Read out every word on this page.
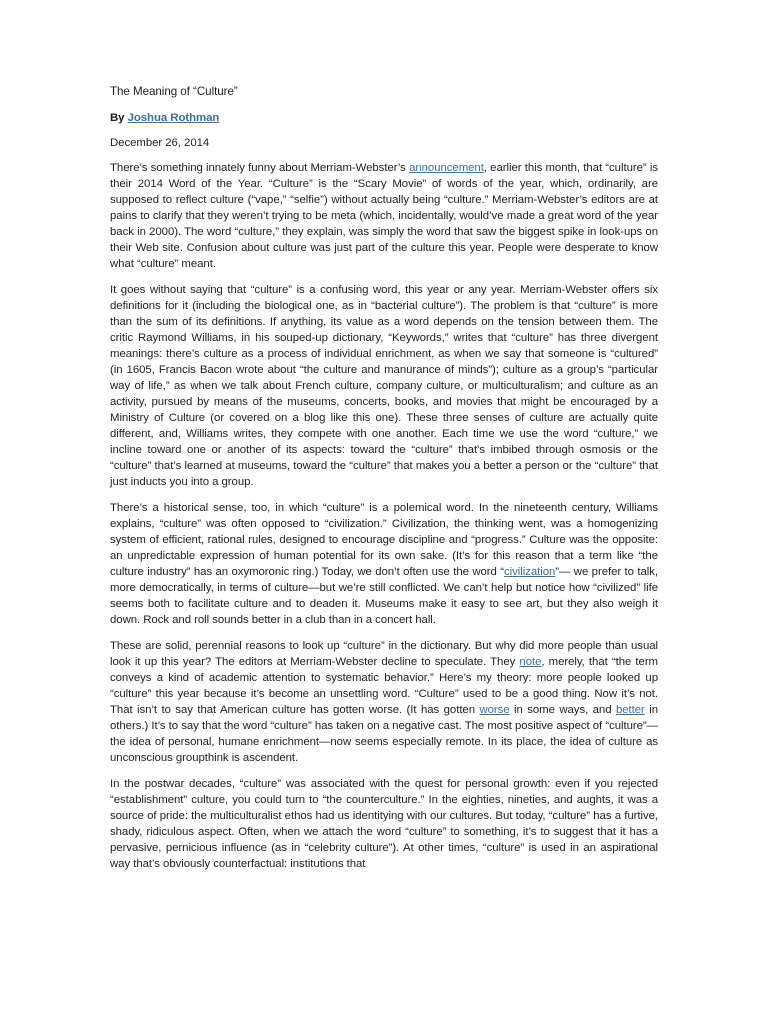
The Meaning of “Culture”

By Joshua Rothman

December 26, 2014

There’s something innately funny about Merriam-Webster’s announcement, earlier this month, that “culture” is their 2014 Word of the Year. “Culture” is the “Scary Movie” of words of the year, which, ordinarily, are supposed to reflect culture (“vape,” “selfie”) without actually being “culture.” Merriam-Webster’s editors are at pains to clarify that they weren’t trying to be meta (which, incidentally, would’ve made a great word of the year back in 2000). The word “culture,” they explain, was simply the word that saw the biggest spike in look-ups on their Web site. Confusion about culture was just part of the culture this year. People were desperate to know what “culture” meant.

It goes without saying that “culture” is a confusing word, this year or any year. Merriam-Webster offers six definitions for it (including the biological one, as in “bacterial culture”). The problem is that “culture” is more than the sum of its definitions. If anything, its value as a word depends on the tension between them. The critic Raymond Williams, in his souped-up dictionary, “Keywords,” writes that “culture” has three divergent meanings: there’s culture as a process of individual enrichment, as when we say that someone is “cultured” (in 1605, Francis Bacon wrote about “the culture and manurance of minds”); culture as a group’s “particular way of life,” as when we talk about French culture, company culture, or multiculturalism; and culture as an activity, pursued by means of the museums, concerts, books, and movies that might be encouraged by a Ministry of Culture (or covered on a blog like this one). These three senses of culture are actually quite different, and, Williams writes, they compete with one another. Each time we use the word “culture,” we incline toward one or another of its aspects: toward the “culture” that’s imbibed through osmosis or the “culture” that’s learned at museums, toward the “culture” that makes you a better a person or the “culture” that just inducts you into a group.

There’s a historical sense, too, in which “culture” is a polemical word. In the nineteenth century, Williams explains, “culture” was often opposed to “civilization.” Civilization, the thinking went, was a homogenizing system of efficient, rational rules, designed to encourage discipline and “progress.” Culture was the opposite: an unpredictable expression of human potential for its own sake. (It’s for this reason that a term like “the culture industry” has an oxymoronic ring.) Today, we don’t often use the word “civilization”— we prefer to talk, more democratically, in terms of culture—but we’re still conflicted. We can’t help but notice how “civilized” life seems both to facilitate culture and to deaden it. Museums make it easy to see art, but they also weigh it down. Rock and roll sounds better in a club than in a concert hall.

These are solid, perennial reasons to look up “culture” in the dictionary. But why did more people than usual look it up this year? The editors at Merriam-Webster decline to speculate. They note, merely, that “the term conveys a kind of academic attention to systematic behavior.” Here’s my theory: more people looked up “culture” this year because it’s become an unsettling word. “Culture” used to be a good thing. Now it’s not. That isn’t to say that American culture has gotten worse. (It has gotten worse in some ways, and better in others.) It’s to say that the word “culture” has taken on a negative cast. The most positive aspect of “culture”—the idea of personal, humane enrichment—now seems especially remote. In its place, the idea of culture as unconscious groupthink is ascendent.

In the postwar decades, “culture” was associated with the quest for personal growth: even if you rejected “establishment” culture, you could turn to “the counterculture.” In the eighties, nineties, and aughts, it was a source of pride: the multiculturalist ethos had us identitying with our cultures. But today, “culture” has a furtive, shady, ridiculous aspect. Often, when we attach the word “culture” to something, it’s to suggest that it has a pervasive, pernicious influence (as in “celebrity culture”). At other times, “culture” is used in an aspirational way that’s obviously counterfactual: institutions that
